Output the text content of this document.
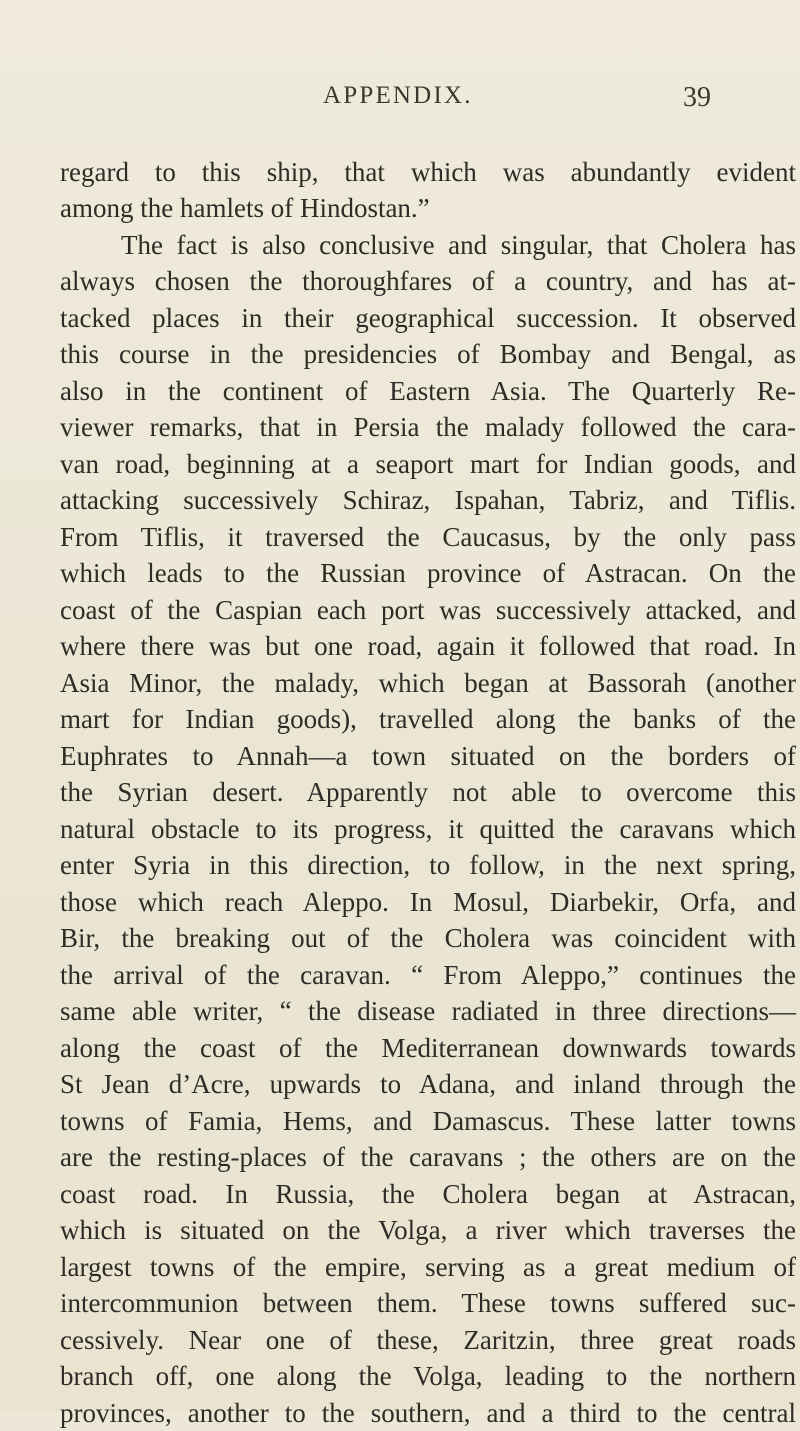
APPENDIX.	39
regard to this ship, that which was abundantly evident
among the hamlets of Hindostan.”
The fact is also conclusive and singular, that Cholera has
always chosen the thoroughfares of a country, and has at-
tacked places in their geographical succession. It observed
this course in the presidencies of Bombay and Bengal, as
also in the continent of Eastern Asia. The Quarterly Re-
viewer remarks, that in Persia the malady followed the cara-
van road, beginning at a seaport mart for Indian goods, and
attacking successively Schiraz, Ispahan, Tabriz, and Tiflis.
From Tiflis, it traversed the Caucasus, by the only pass
which leads to the Russian province of Astracan. On the
coast of the Caspian each port was successively attacked, and
where there was but one road, again it followed that road. In
Asia Minor, the malady, which began at Bassorah (another
mart for Indian goods), travelled along the banks of the
Euphrates to Annah—a town situated on the borders of
the Syrian desert. Apparently not able to overcome this
natural obstacle to its progress, it quitted the caravans which
enter Syria in this direction, to follow, in the next spring,
those which reach Aleppo. In Mosul, Diarbekir, Orfa, and
Bir, the breaking out of the Cholera was coincident with
the arrival of the caravan. “ From Aleppo,” continues the
same able writer, “ the disease radiated in three directions—
along the coast of the Mediterranean downwards towards
St Jean d’Acre, upwards to Adana, and inland through the
towns of Famia, Hems, and Damascus. These latter towns
are the resting-places of the caravans ; the others are on the
coast road. In Russia, the Cholera began at Astracan,
which is situated on the Volga, a river which traverses the
largest towns of the empire, serving as a great medium of
intercommunion between them. These towns suffered suc-
cessively. Near one of these, Zaritzin, three great roads
branch off, one along the Volga, leading to the northern
provinces, another to the southern, and a third to the central
